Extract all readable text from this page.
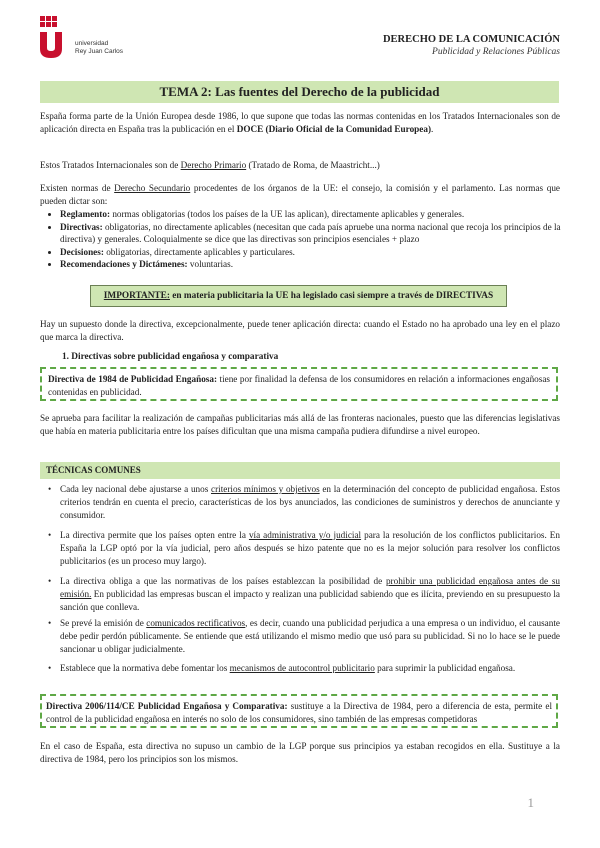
universidad
Rey Juan Carlos
DERECHO DE LA COMUNICACIÓN
Publicidad y Relaciones Públicas
TEMA 2: Las fuentes del Derecho de la publicidad
España forma parte de la Unión Europea desde 1986, lo que supone que todas las normas contenidas en los Tratados Internacionales son de aplicación directa en España tras la publicación en el DOCE (Diario Oficial de la Comunidad Europea).
Estos Tratados Internacionales son de Derecho Primario (Tratado de Roma, de Maastricht...)
Existen normas de Derecho Secundario procedentes de los órganos de la UE: el consejo, la comisión y el parlamento. Las normas que pueden dictar son:
• Reglamento: normas obligatorias (todos los países de la UE las aplican), directamente aplicables y generales.
• Directivas: obligatorias, no directamente aplicables (necesitan que cada país apruebe una norma nacional que recoja los principios de la directiva) y generales. Coloquialmente se dice que las directivas son principios esenciales + plazo
• Decisiones: obligatorias, directamente aplicables y particulares.
• Recomendaciones y Dictámenes: voluntarias.
IMPORTANTE: en materia publicitaria la UE ha legislado casi siempre a través de DIRECTIVAS
Hay un supuesto donde la directiva, excepcionalmente, puede tener aplicación directa: cuando el Estado no ha aprobado una ley en el plazo que marca la directiva.
1. Directivas sobre publicidad engañosa y comparativa
Directiva de 1984 de Publicidad Engañosa: tiene por finalidad la defensa de los consumidores en relación a informaciones engañosas contenidas en publicidad.
Se aprueba para facilitar la realización de campañas publicitarias más allá de las fronteras nacionales, puesto que las diferencias legislativas que había en materia publicitaria entre los países dificultan que una misma campaña pudiera difundirse a nivel europeo.
TÉCNICAS COMUNES
• Cada ley nacional debe ajustarse a unos criterios mínimos y objetivos en la determinación del concepto de publicidad engañosa. Estos criterios tendrán en cuenta el precio, características de los bys anunciados, las condiciones de suministros y derechos de anunciante y consumidor.
• La directiva permite que los países opten entre la vía administrativa y/o judicial para la resolución de los conflictos publicitarios. En España la LGP optó por la vía judicial, pero años después se hizo patente que no es la mejor solución para resolver los conflictos publicitarios (es un proceso muy largo).
• La directiva obliga a que las normativas de los países establezcan la posibilidad de prohibir una publicidad engañosa antes de su emisión. En publicidad las empresas buscan el impacto y realizan una publicidad sabiendo que es ilícita, previendo en su presupuesto la sanción que conlleva.
• Se prevé la emisión de comunicados rectificativos, es decir, cuando una publicidad perjudica a una empresa o un individuo, el causante debe pedir perdón públicamente. Se entiende que está utilizando el mismo medio que usó para su publicidad. Si no lo hace se le puede sancionar u obligar judicialmente.
• Establece que la normativa debe fomentar los mecanismos de autocontrol publicitario para suprimir la publicidad engañosa.
Directiva 2006/114/CE Publicidad Engañosa y Comparativa: sustituye a la Directiva de 1984, pero a diferencia de esta, permite el control de la publicidad engañosa en interés no solo de los consumidores, sino también de las empresas competidoras
En el caso de España, esta directiva no supuso un cambio de la LGP porque sus principios ya estaban recogidos en ella. Sustituye a la directiva de 1984, pero los principios son los mismos.
1
